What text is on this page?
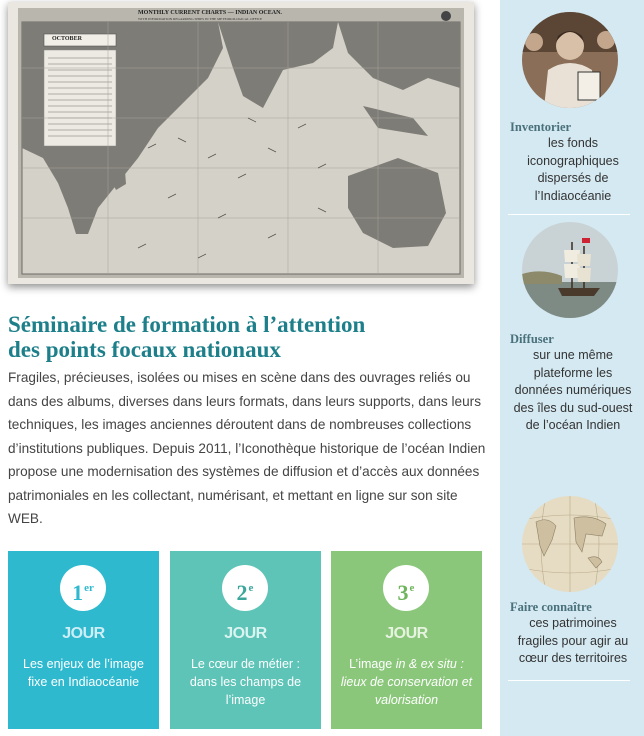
MONTHLY CURRENT CHARTS — INDIAN OCEAN.
WITH INFORMATION REGARDING SHIPS IN THE METEOROLOGICAL OFFICE
OCTOBER
Séminaire de formation à l’attention
des points focaux nationaux

Fragiles, précieuses, isolées ou mises en scène dans des ouvrages reliés ou dans des albums, diverses dans leurs formats, dans leurs supports, dans leurs techniques, les images anciennes déroutent dans de nombreuses collections d’institutions publiques. Depuis 2011, l’Iconothèque historique de l’océan Indien propose une modernisation des systèmes de diffusion et d’accès aux données patrimoniales en les collectant, numérisant, et mettant en ligne sur son site WEB.

1er
JOUR
Les enjeux de l’image fixe en Indiaocéanie
2e
JOUR
Le cœur de métier : dans les champs de l’image
3e
JOUR
L’image in & ex situ : lieux de conservation et valorisation
Inventorier
les fonds iconographiques dispersés de l’Indiaocéanie
Diffuser
sur une même plateforme les données numériques des îles du sud-ouest de l’océan Indien
Faire connaître
ces patrimoines fragiles pour agir au cœur des territoires
